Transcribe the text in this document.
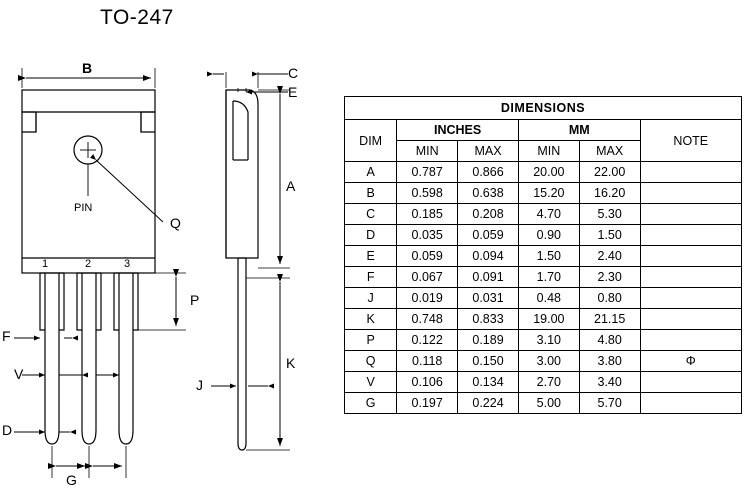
TO-247
B
PIN
Q
1	2	3
P
F
V
D
G
C
E
A
K
J
DIMENSIONS					
DIM	INCHES		MM		NOTE
	MIN	MAX	MIN	MAX	
A	0.787	0.866	20.00	22.00	
B	0.598	0.638	15.20	16.20	
C	0.185	0.208	4.70	5.30	
D	0.035	0.059	0.90	1.50	
E	0.059	0.094	1.50	2.40	
F	0.067	0.091	1.70	2.30	
J	0.019	0.031	0.48	0.80	
K	0.748	0.833	19.00	21.15	
P	0.122	0.189	3.10	4.80	
Q	0.118	0.150	3.00	3.80	Φ
V	0.106	0.134	2.70	3.40	
G	0.197	0.224	5.00	5.70	
